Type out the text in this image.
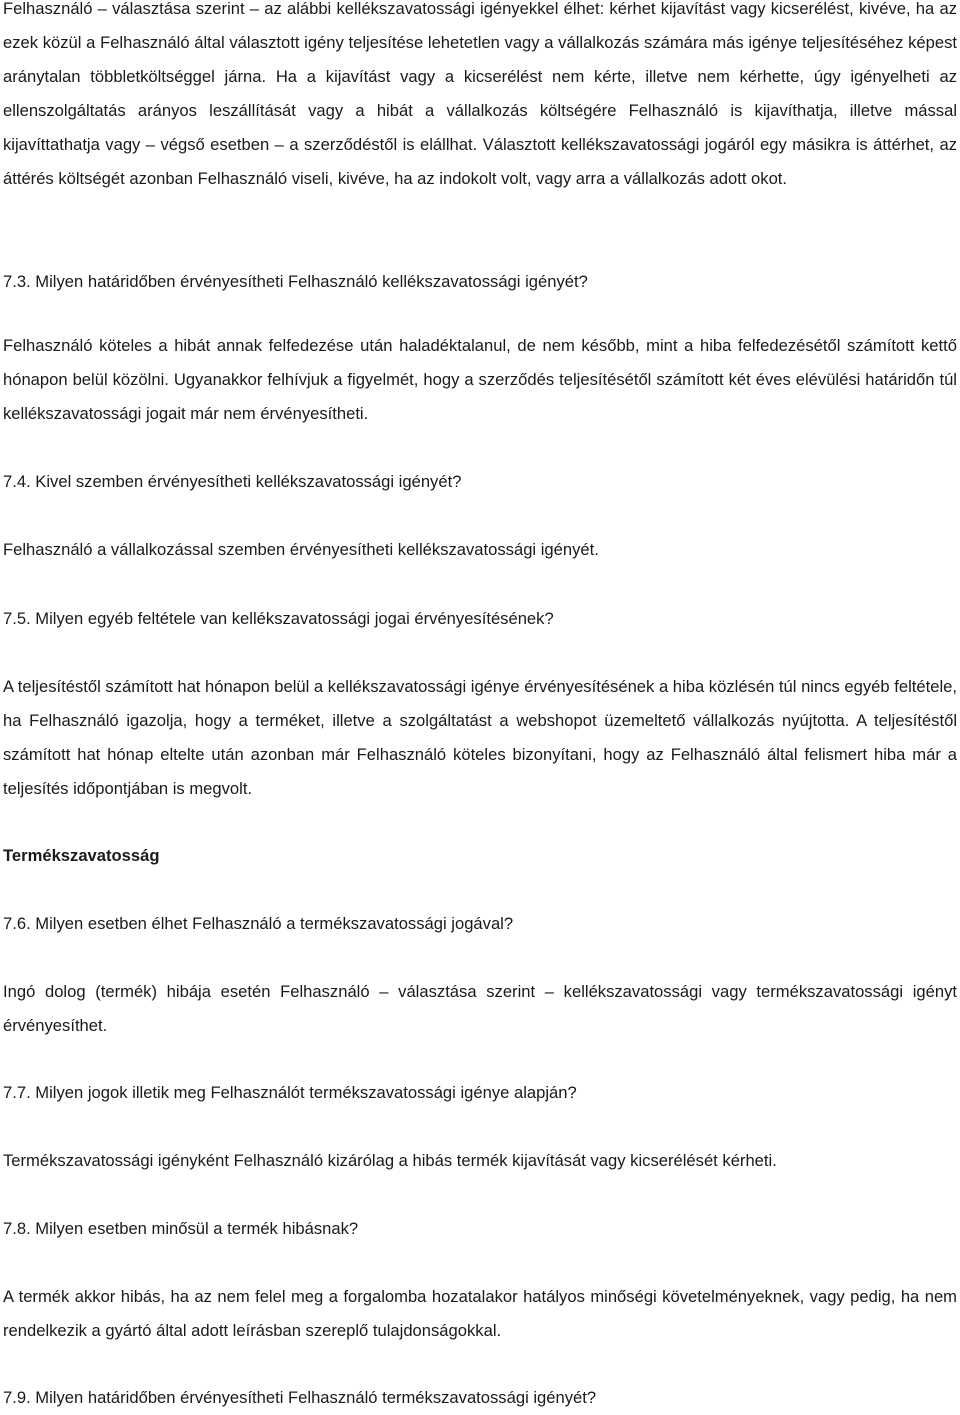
Felhasználó – választása szerint – az alábbi kellékszavatossági igényekkel élhet: kérhet kijavítást vagy kicserélést, kivéve, ha az ezek közül a Felhasználó által választott igény teljesítése lehetetlen vagy a vállalkozás számára más igénye teljesítéséhez képest aránytalan többletköltséggel járna. Ha a kijavítást vagy a kicserélést nem kérte, illetve nem kérhette, úgy igényelheti az ellenszolgáltatás arányos leszállítását vagy a hibát a vállalkozás költségére Felhasználó is kijavíthatja, illetve mással kijavíttathatja vagy – végső esetben – a szerződéstől is elállhat. Választott kellékszavatossági jogáról egy másikra is áttérhet, az áttérés költségét azonban Felhasználó viseli, kivéve, ha az indokolt volt, vagy arra a vállalkozás adott okot.

7.3. Milyen határidőben érvényesítheti Felhasználó kellékszavatossági igényét?

Felhasználó köteles a hibát annak felfedezése után haladéktalanul, de nem később, mint a hiba felfedezésétől számított kettő hónapon belül közölni. Ugyanakkor felhívjuk a figyelmét, hogy a szerződés teljesítésétől számított két éves elévülési határidőn túl kellékszavatossági jogait már nem érvényesítheti.

7.4. Kivel szemben érvényesítheti kellékszavatossági igényét?

Felhasználó a vállalkozással szemben érvényesítheti kellékszavatossági igényét.

7.5. Milyen egyéb feltétele van kellékszavatossági jogai érvényesítésének?

A teljesítéstől számított hat hónapon belül a kellékszavatossági igénye érvényesítésének a hiba közlésén túl nincs egyéb feltétele, ha Felhasználó igazolja, hogy a terméket, illetve a szolgáltatást a webshopot üzemeltető vállalkozás nyújtotta. A teljesítéstől számított hat hónap eltelte után azonban már Felhasználó köteles bizonyítani, hogy az Felhasználó által felismert hiba már a teljesítés időpontjában is megvolt.

Termékszavatosság

7.6. Milyen esetben élhet Felhasználó a termékszavatossági jogával?

Ingó dolog (termék) hibája esetén Felhasználó – választása szerint – kellékszavatossági vagy termékszavatossági igényt érvényesíthet.

7.7. Milyen jogok illetik meg Felhasználót termékszavatossági igénye alapján?

Termékszavatossági igényként Felhasználó kizárólag a hibás termék kijavítását vagy kicserélését kérheti.

7.8. Milyen esetben minősül a termék hibásnak?

A termék akkor hibás, ha az nem felel meg a forgalomba hozatalakor hatályos minőségi követelményeknek, vagy pedig, ha nem rendelkezik a gyártó által adott leírásban szereplő tulajdonságokkal.

7.9. Milyen határidőben érvényesítheti Felhasználó termékszavatossági igényét?
